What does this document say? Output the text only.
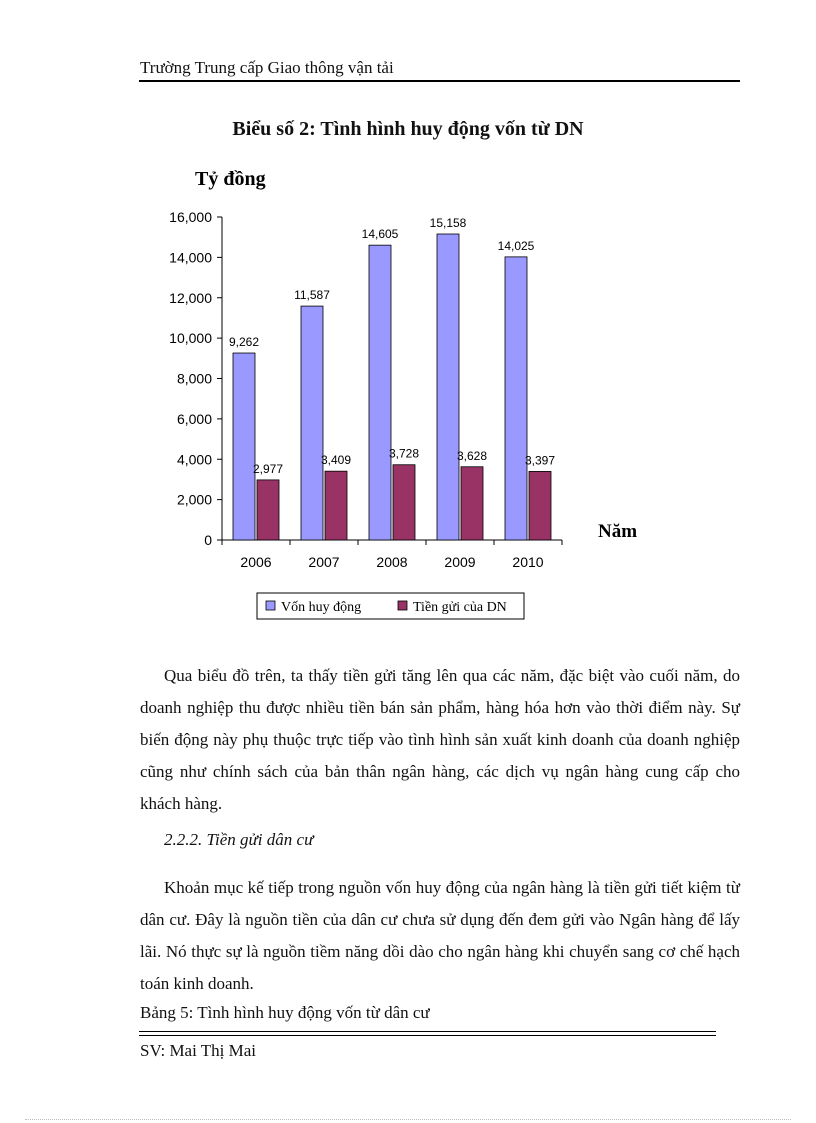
Trường Trung cấp Giao thông vận tải
Biểu số 2: Tình hình huy động vốn từ DN
Tỷ đồng
Năm
0
2,000
4,000
6,000
8,000
10,000
12,000
14,000
16,000
2006	2007	2008	2009	2010
9,262
11,587
14,605
15,158
14,025
2,977
3,409	3,728	3,628	3,397
Vốn huy động	Tiền gửi của DN

Qua biểu đồ trên, ta thấy tiền gửi tăng lên qua các năm, đặc biệt vào cuối năm, do doanh nghiệp thu được nhiều tiền bán sản phẩm, hàng hóa hơn vào thời điểm này. Sự biến động này phụ thuộc trực tiếp vào tình hình sản xuất kinh doanh của doanh nghiệp cũng như chính sách của bản thân ngân hàng, các dịch vụ ngân hàng cung cấp cho khách hàng.

2.2.2. Tiền gửi dân cư

Khoản mục kế tiếp trong nguồn vốn huy động của ngân hàng là tiền gửi tiết kiệm từ dân cư. Đây là nguồn tiền của dân cư chưa sử dụng đến đem gửi vào Ngân hàng để lấy lãi. Nó thực sự là nguồn tiềm năng dồi dào cho ngân hàng khi chuyển sang cơ chế hạch toán kinh doanh.

Bảng 5: Tình hình huy động vốn từ dân cư
SV: Mai Thị Mai
